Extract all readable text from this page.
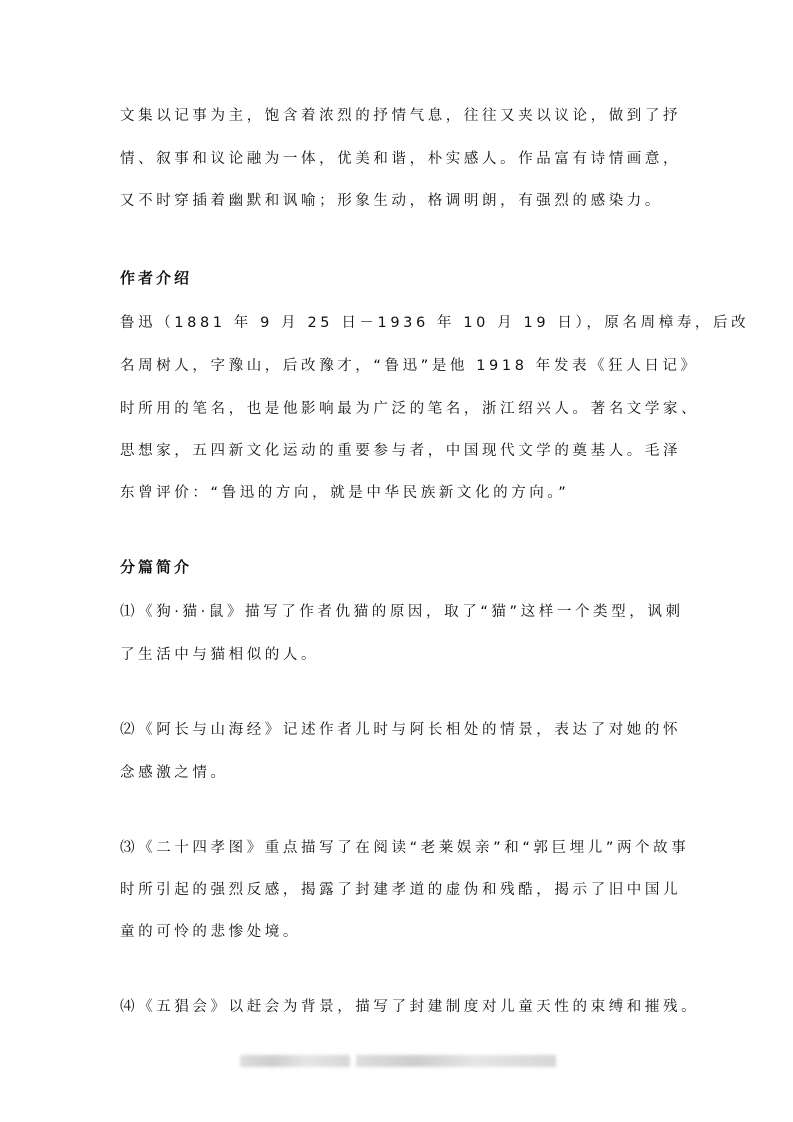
文集以记事为主，饱含着浓烈的抒情气息，往往又夹以议论，做到了抒
情、叙事和议论融为一体，优美和谐，朴实感人。作品富有诗情画意，
又不时穿插着幽默和讽喻；形象生动，格调明朗，有强烈的感染力。
作者介绍
鲁迅（1881 年 9 月 25 日－1936 年 10 月 19 日），原名周樟寿，后改
名周树人，字豫山，后改豫才，“鲁迅”是他 1918 年发表《狂人日记》
时所用的笔名，也是他影响最为广泛的笔名，浙江绍兴人。著名文学家、
思想家，五四新文化运动的重要参与者，中国现代文学的奠基人。毛泽
东曾评价：“鲁迅的方向，就是中华民族新文化的方向。”
分篇简介
⑴《狗·猫·鼠》描写了作者仇猫的原因，取了“猫”这样一个类型，讽刺
了生活中与猫相似的人。
⑵《阿长与山海经》记述作者儿时与阿长相处的情景，表达了对她的怀
念感激之情。
⑶《二十四孝图》重点描写了在阅读“老莱娱亲”和“郭巨埋儿”两个故事
时所引起的强烈反感，揭露了封建孝道的虚伪和残酷，揭示了旧中国儿
童的可怜的悲惨处境。
⑷《五猖会》以赶会为背景，描写了封建制度对儿童天性的束缚和摧残。
